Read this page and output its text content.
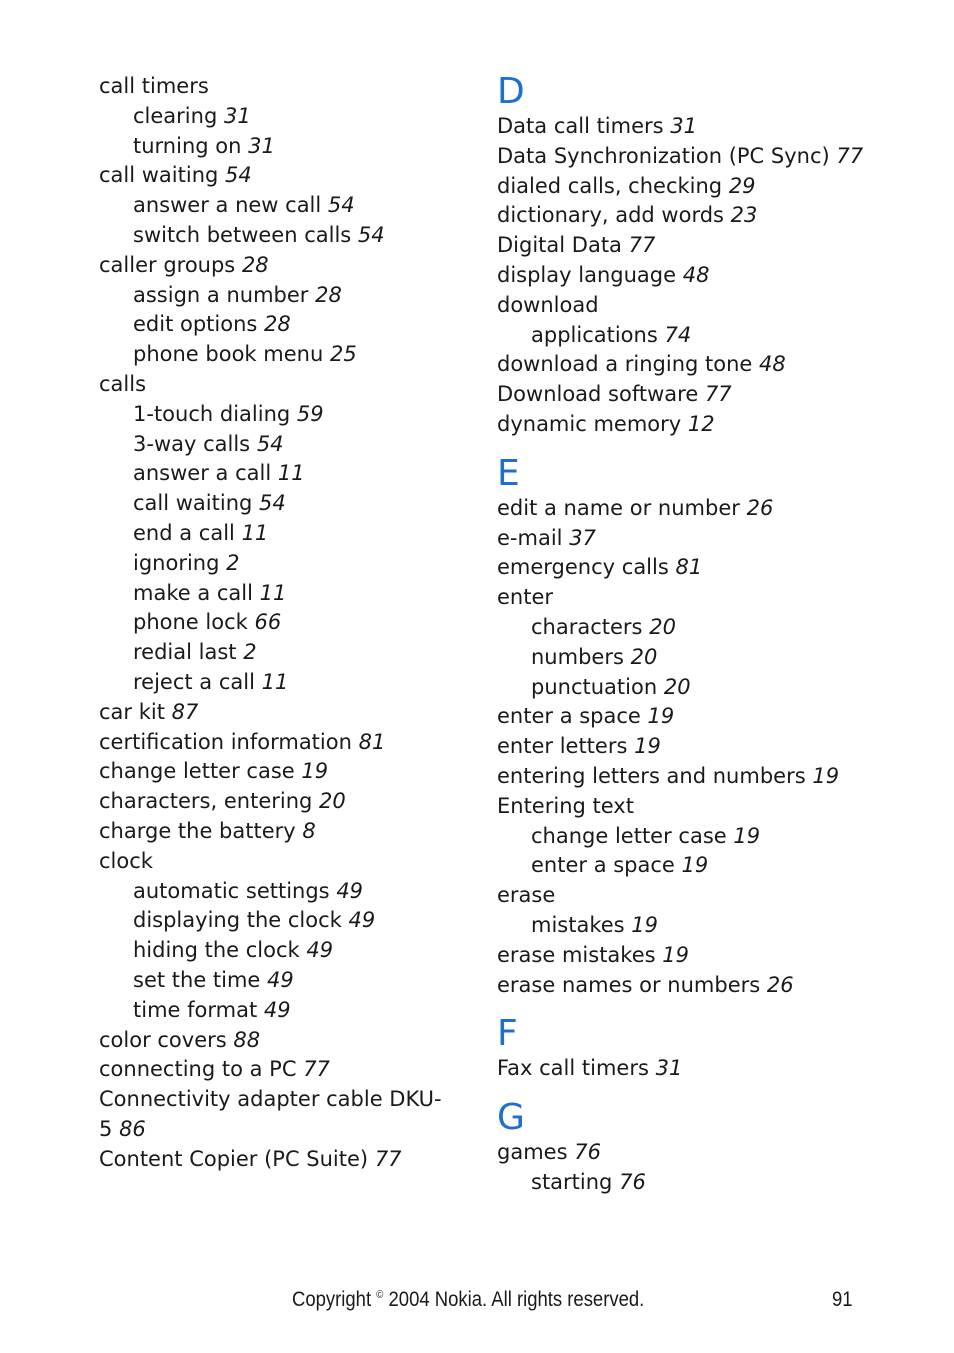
call timers
clearing 31
turning on 31
call waiting 54
answer a new call 54
switch between calls 54
caller groups 28
assign a number 28
edit options 28
phone book menu 25
calls
1-touch dialing 59
3-way calls 54
answer a call 11
call waiting 54
end a call 11
ignoring 2
make a call 11
phone lock 66
redial last 2
reject a call 11
car kit 87
certification information 81
change letter case 19
characters, entering 20
charge the battery 8
clock
automatic settings 49
displaying the clock 49
hiding the clock 49
set the time 49
time format 49
color covers 88
connecting to a PC 77
Connectivity adapter cable DKU-5 86
Content Copier (PC Suite) 77
D
Data call timers 31
Data Synchronization (PC Sync) 77
dialed calls, checking 29
dictionary, add words 23
Digital Data 77
display language 48
download
applications 74
download a ringing tone 48
Download software 77
dynamic memory 12
E
edit a name or number 26
e-mail 37
emergency calls 81
enter
characters 20
numbers 20
punctuation 20
enter a space 19
enter letters 19
entering letters and numbers 19
Entering text
change letter case 19
enter a space 19
erase
mistakes 19
erase mistakes 19
erase names or numbers 26
F
Fax call timers 31
G
games 76
starting 76
Copyright © 2004 Nokia. All rights reserved.	91
